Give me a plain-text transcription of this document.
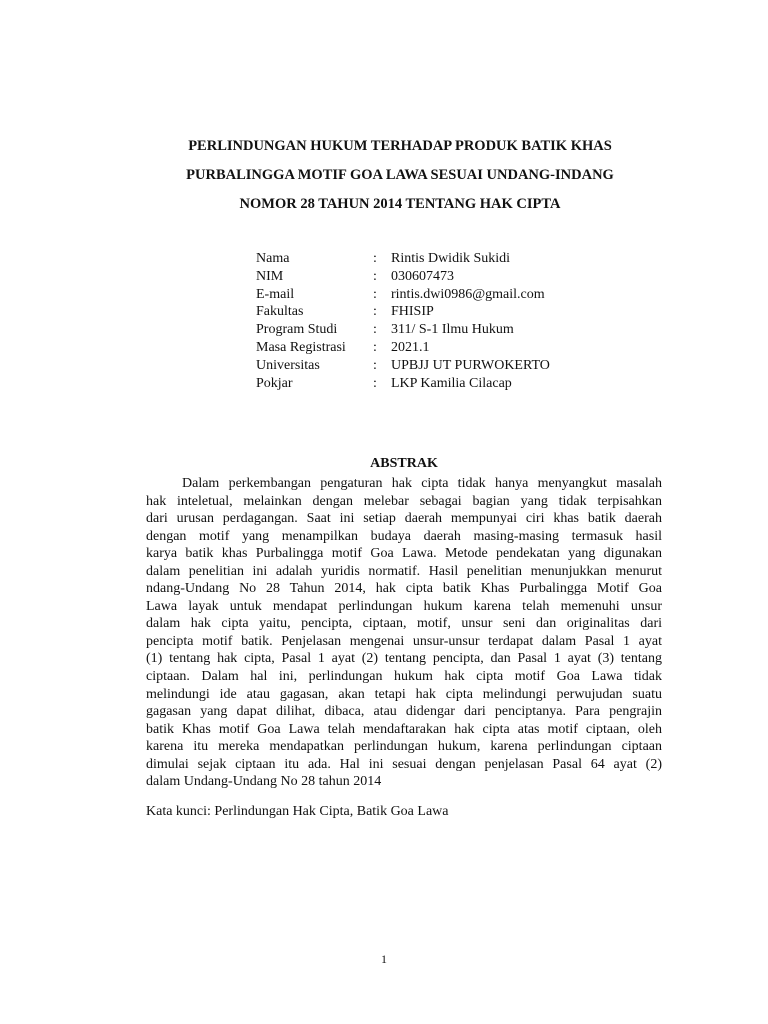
PERLINDUNGAN HUKUM TERHADAP PRODUK BATIK KHAS
PURBALINGGA MOTIF GOA LAWA SESUAI UNDANG-INDANG
NOMOR 28 TAHUN 2014 TENTANG HAK CIPTA
Nama	:	Rintis Dwidik Sukidi
NIM	:	030607473
E-mail	:	rintis.dwi0986@gmail.com
Fakultas	:	FHISIP
Program Studi	:	311/ S-1 Ilmu Hukum
Masa Registrasi	:	2021.1
Universitas	:	UPBJJ UT PURWOKERTO
Pokjar	:	LKP Kamilia Cilacap
ABSTRAK
Dalam perkembangan pengaturan hak cipta tidak hanya menyangkut masalah
hak inteletual, melainkan dengan melebar sebagai bagian yang tidak terpisahkan
dari urusan perdagangan. Saat ini setiap daerah mempunyai ciri khas batik daerah
dengan motif yang menampilkan budaya daerah masing-masing termasuk hasil
karya batik khas Purbalingga motif Goa Lawa. Metode pendekatan yang digunakan
dalam penelitian ini adalah yuridis normatif. Hasil penelitian menunjukkan menurut
ndang-Undang No 28 Tahun 2014, hak cipta batik Khas Purbalingga Motif Goa
Lawa layak untuk mendapat perlindungan hukum karena telah memenuhi unsur
dalam hak cipta yaitu, pencipta, ciptaan, motif, unsur seni dan originalitas dari
pencipta motif batik. Penjelasan mengenai unsur-unsur terdapat dalam Pasal 1 ayat
(1) tentang hak cipta, Pasal 1 ayat (2) tentang pencipta, dan Pasal 1 ayat (3) tentang
ciptaan. Dalam hal ini, perlindungan hukum hak cipta motif Goa Lawa tidak
melindungi ide atau gagasan, akan tetapi hak cipta melindungi perwujudan suatu
gagasan yang dapat dilihat, dibaca, atau didengar dari penciptanya. Para pengrajin
batik Khas motif Goa Lawa telah mendaftarakan hak cipta atas motif ciptaan, oleh
karena itu mereka mendapatkan perlindungan hukum, karena perlindungan ciptaan
dimulai sejak ciptaan itu ada. Hal ini sesuai dengan penjelasan Pasal 64 ayat (2)
dalam Undang-Undang No 28 tahun 2014
Kata kunci: Perlindungan Hak Cipta, Batik Goa Lawa
1
